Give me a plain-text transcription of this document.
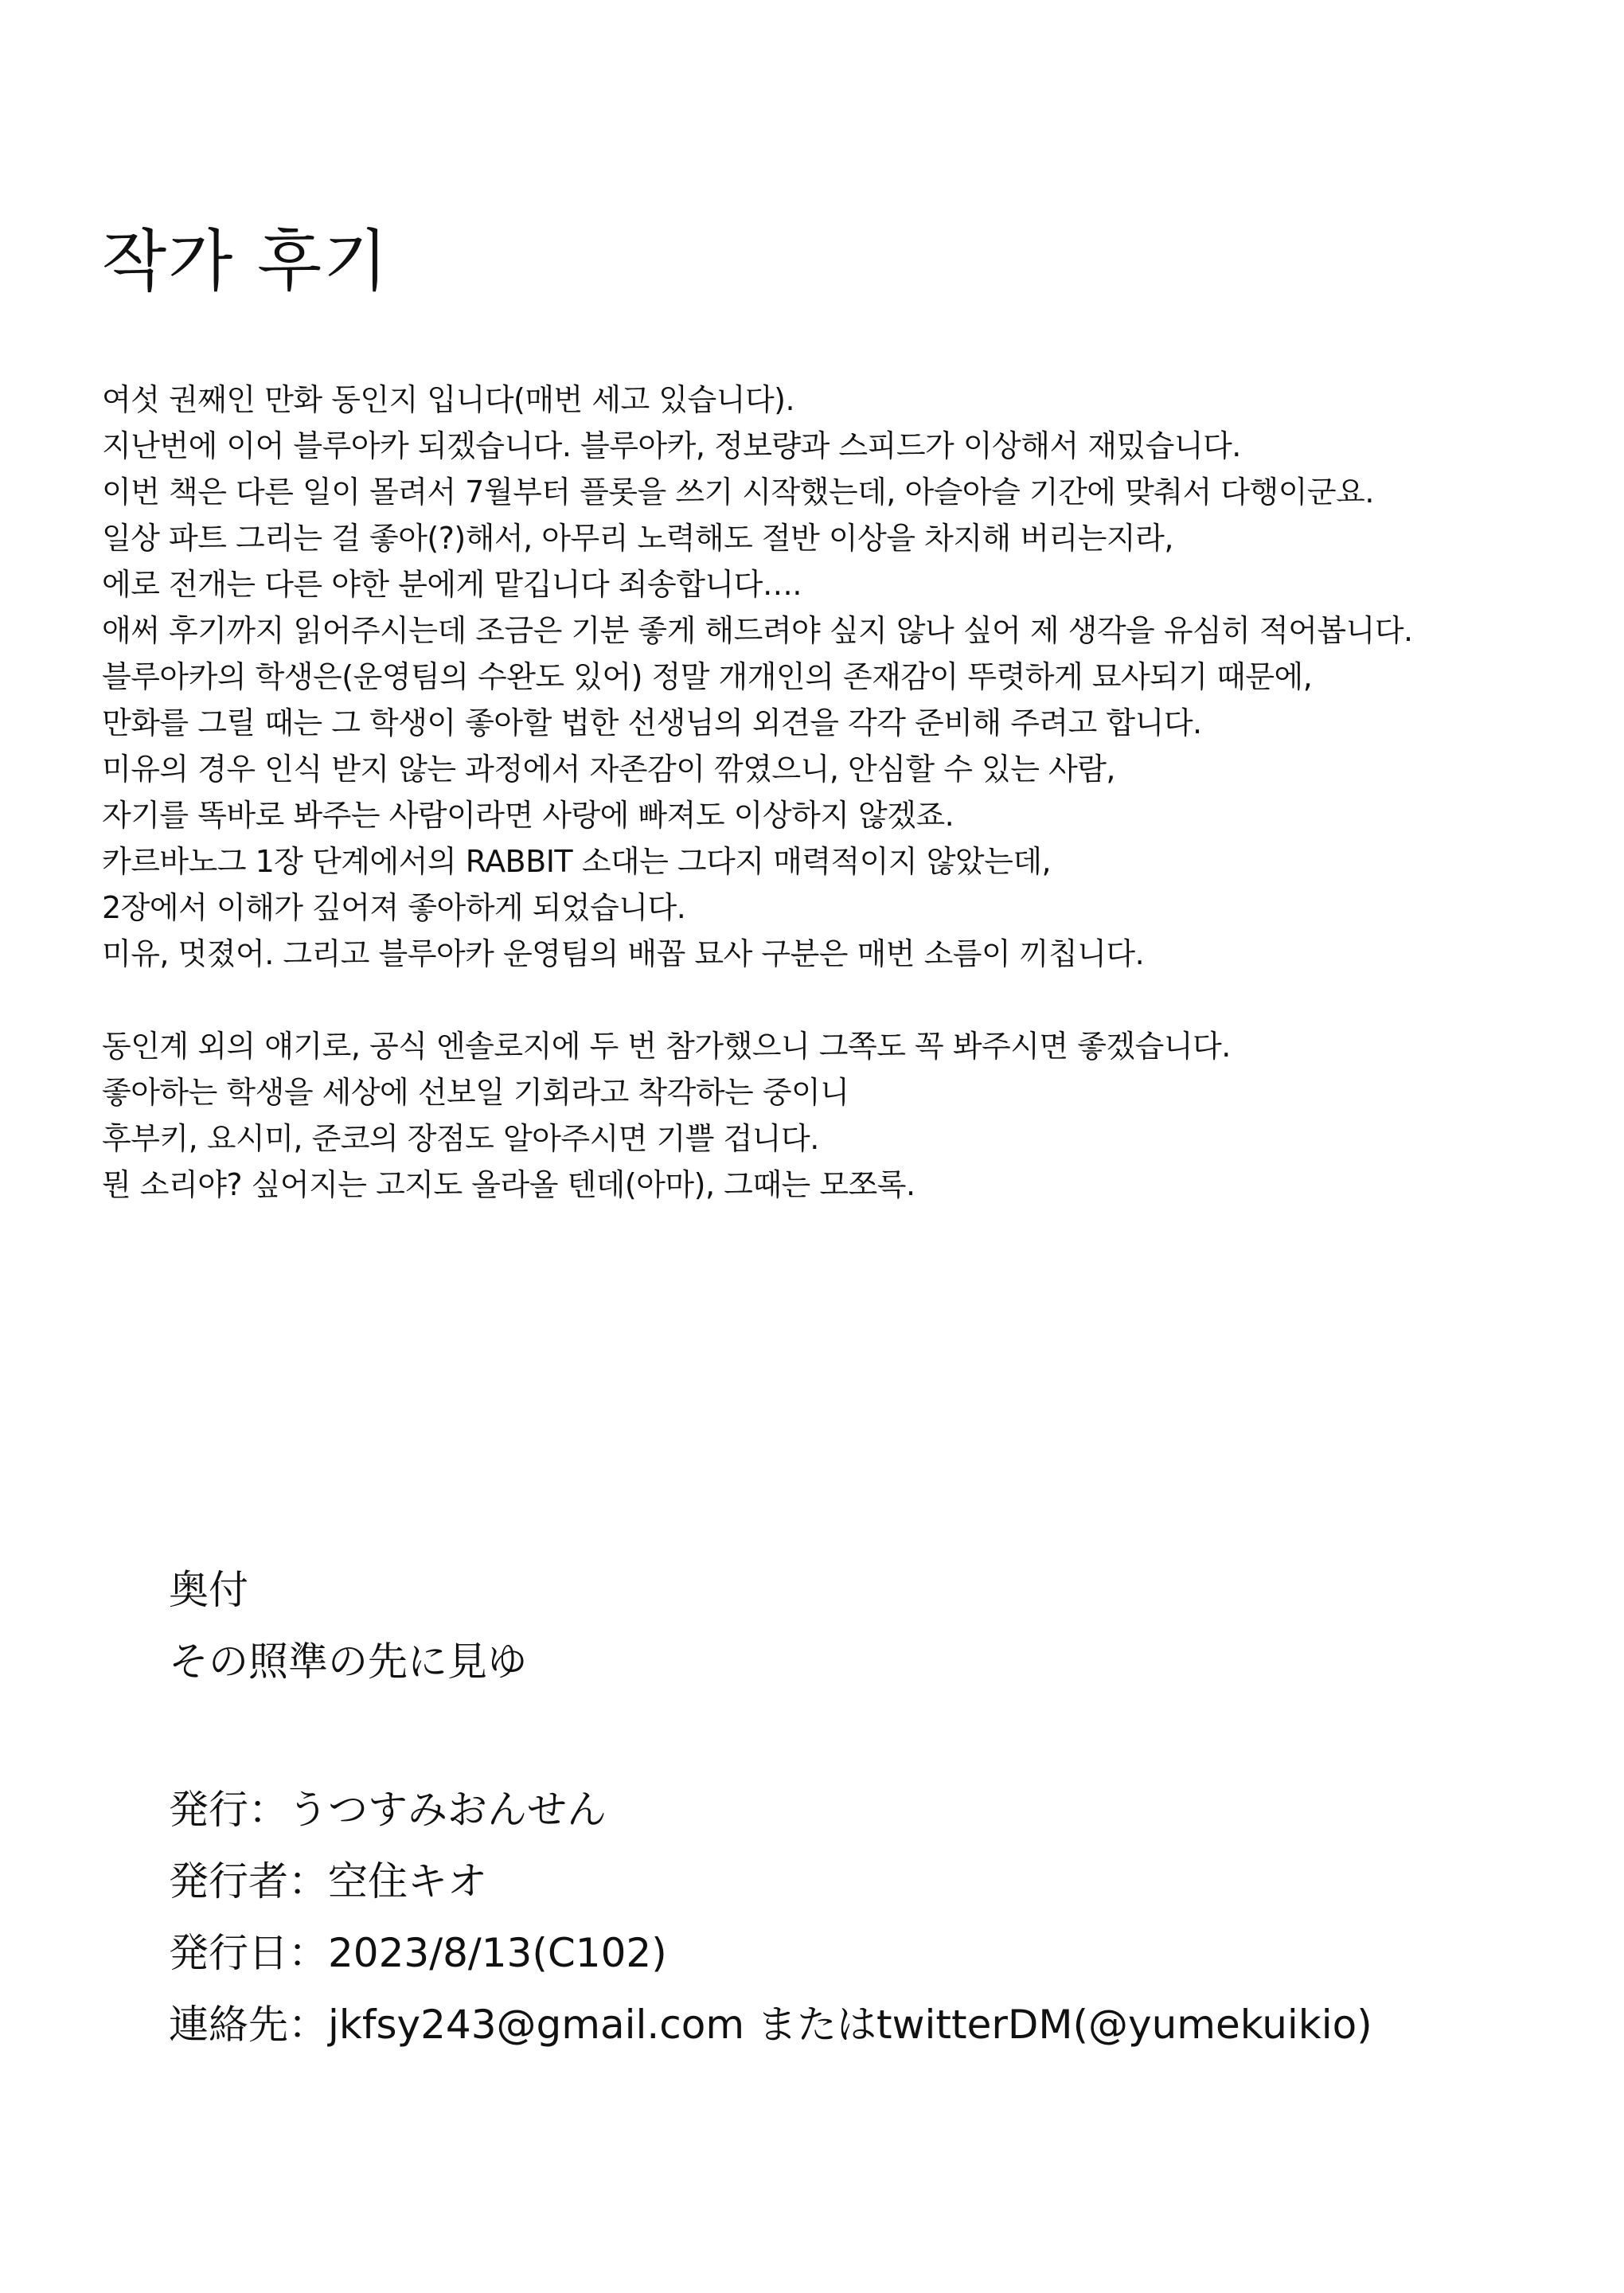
작가 후기
여섯 권째인 만화 동인지 입니다(매번 세고 있습니다).
지난번에 이어 블루아카 되겠습니다. 블루아카, 정보량과 스피드가 이상해서 재밌습니다.
이번 책은 다른 일이 몰려서 7월부터 플롯을 쓰기 시작했는데, 아슬아슬 기간에 맞춰서 다행이군요.
일상 파트 그리는 걸 좋아(?)해서, 아무리 노력해도 절반 이상을 차지해 버리는지라,
에로 전개는 다른 야한 분에게 맡깁니다 죄송합니다….
애써 후기까지 읽어주시는데 조금은 기분 좋게 해드려야 싶지 않나 싶어 제 생각을 유심히 적어봅니다.
블루아카의 학생은(운영팀의 수완도 있어) 정말 개개인의 존재감이 뚜렷하게 묘사되기 때문에,
만화를 그릴 때는 그 학생이 좋아할 법한 선생님의 외견을 각각 준비해 주려고 합니다.
미유의 경우 인식 받지 않는 과정에서 자존감이 깎였으니, 안심할 수 있는 사람,
자기를 똑바로 봐주는 사람이라면 사랑에 빠져도 이상하지 않겠죠.
카르바노그 1장 단계에서의 RABBIT 소대는 그다지 매력적이지 않았는데,
2장에서 이해가 깊어져 좋아하게 되었습니다.
미유, 멋졌어. 그리고 블루아카 운영팀의 배꼽 묘사 구분은 매번 소름이 끼칩니다.
동인계 외의 얘기로, 공식 엔솔로지에 두 번 참가했으니 그쪽도 꼭 봐주시면 좋겠습니다.
좋아하는 학생을 세상에 선보일 기회라고 착각하는 중이니
후부키, 요시미, 준코의 장점도 알아주시면 기쁠 겁니다.
뭔 소리야? 싶어지는 고지도 올라올 텐데(아마), 그때는 모쪼록.
奥付
その照準の先に見ゆ
発行：うつすみおんせん
発行者：空住キオ
発行日：2023/8/13(C102)
連絡先：jkfsy243@gmail.com またはtwitterDM(@yumekuikio)
